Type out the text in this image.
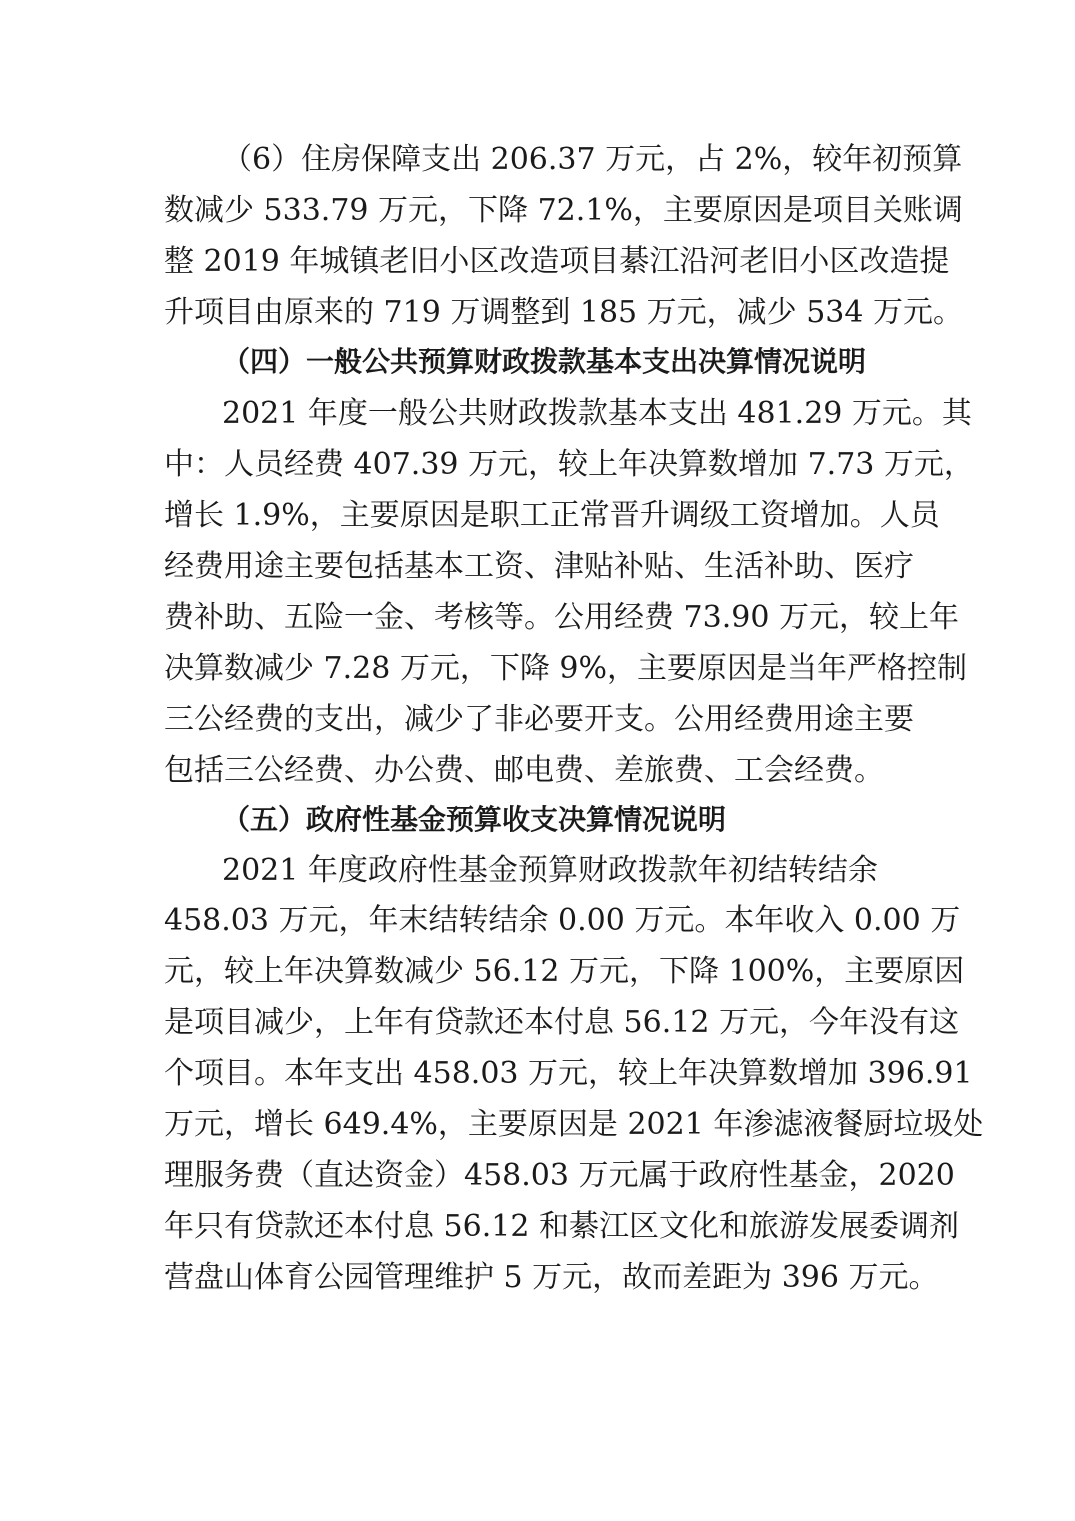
（6）住房保障支出 206.37 万元，占 2%，较年初预算
数减少 533.79 万元，下降 72.1%，主要原因是项目关账调
整 2019 年城镇老旧小区改造项目綦江沿河老旧小区改造提
升项目由原来的 719 万调整到 185 万元，减少 534 万元。
（四）一般公共预算财政拨款基本支出决算情况说明
2021 年度一般公共财政拨款基本支出 481.29 万元。其
中：人员经费 407.39 万元，较上年决算数增加 7.73 万元，
增长 1.9%，主要原因是职工正常晋升调级工资增加。人员
经费用途主要包括基本工资、津贴补贴、生活补助、医疗
费补助、五险一金、考核等。公用经费 73.90 万元，较上年
决算数减少 7.28 万元，下降 9%，主要原因是当年严格控制
三公经费的支出，减少了非必要开支。公用经费用途主要
包括三公经费、办公费、邮电费、差旅费、工会经费。
（五）政府性基金预算收支决算情况说明
2021 年度政府性基金预算财政拨款年初结转结余
458.03 万元，年末结转结余 0.00 万元。本年收入 0.00 万
元，较上年决算数减少 56.12 万元，下降 100%，主要原因
是项目减少，上年有贷款还本付息 56.12 万元，今年没有这
个项目。本年支出 458.03 万元，较上年决算数增加 396.91
万元，增长 649.4%，主要原因是 2021 年渗滤液餐厨垃圾处
理服务费（直达资金）458.03 万元属于政府性基金，2020
年只有贷款还本付息 56.12 和綦江区文化和旅游发展委调剂
营盘山体育公园管理维护 5 万元，故而差距为 396 万元。
